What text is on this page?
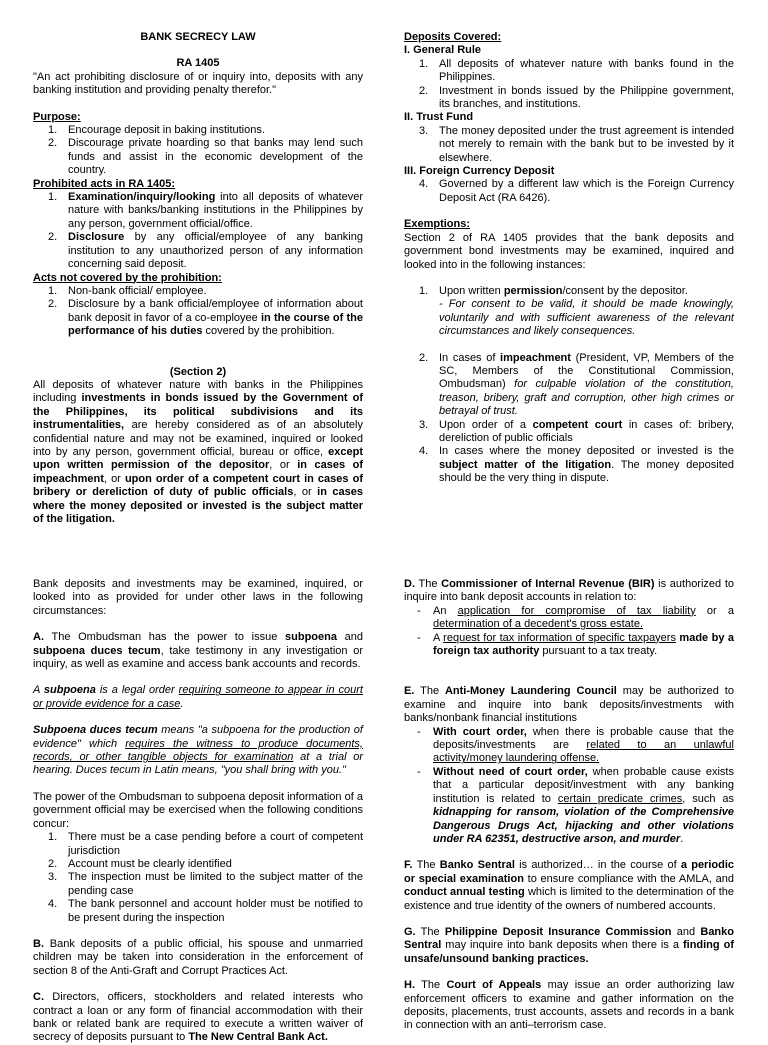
BANK SECRECY LAW
RA 1405
"An act prohibiting disclosure of or inquiry into, deposits with any banking institution and providing penalty therefor."
Purpose:
1. Encourage deposit in baking institutions.
2. Discourage private hoarding so that banks may lend such funds and assist in the economic development of the country.
Prohibited acts in RA 1405:
1. Examination/inquiry/looking into all deposits of whatever nature with banks/banking institutions in the Philippines by any person, government official/office.
2. Disclosure by any official/employee of any banking institution to any unauthorized person of any information concerning said deposit.
Acts not covered by the prohibition:
1. Non-bank official/ employee.
2. Disclosure by a bank official/employee of information about bank deposit in favor of a co-employee in the course of the performance of his duties covered by the prohibition.
(Section 2)
All deposits of whatever nature with banks in the Philippines including investments in bonds issued by the Government of the Philippines, its political subdivisions and its instrumentalities, are hereby considered as of an absolutely confidential nature and may not be examined, inquired or looked into by any person, government official, bureau or office, except upon written permission of the depositor, or in cases of impeachment, or upon order of a competent court in cases of bribery or dereliction of duty of public officials, or in cases where the money deposited or invested is the subject matter of the litigation.
Deposits Covered:
I. General Rule
1. All deposits of whatever nature with banks found in the Philippines.
2. Investment in bonds issued by the Philippine government, its branches, and institutions.
II. Trust Fund
3. The money deposited under the trust agreement is intended not merely to remain with the bank but to be invested by it elsewhere.
III. Foreign Currency Deposit
4. Governed by a different law which is the Foreign Currency Deposit Act (RA 6426).
Exemptions:
Section 2 of RA 1405 provides that the bank deposits and government bond investments may be examined, inquired and looked into in the following instances:
1. Upon written permission/consent by the depositor.
- For consent to be valid, it should be made knowingly, voluntarily and with sufficient awareness of the relevant circumstances and likely consequences.
2. In cases of impeachment (President, VP, Members of the SC, Members of the Constitutional Commission, Ombudsman) for culpable violation of the constitution, treason, bribery, graft and corruption, other high crimes or betrayal of trust.
3. Upon order of a competent court in cases of: bribery, dereliction of public officials
4. In cases where the money deposited or invested is the subject matter of the litigation. The money deposited should be the very thing in dispute.
Bank deposits and investments may be examined, inquired, or looked into as provided for under other laws in the following circumstances:
A. The Ombudsman has the power to issue subpoena and subpoena duces tecum, take testimony in any investigation or inquiry, as well as examine and access bank accounts and records.
A subpoena is a legal order requiring someone to appear in court or provide evidence for a case.
Subpoena duces tecum means "a subpoena for the production of evidence" which requires the witness to produce documents, records, or other tangible objects for examination at a trial or hearing. Duces tecum in Latin means, "you shall bring with you."
The power of the Ombudsman to subpoena deposit information of a government official may be exercised when the following conditions concur:
1. There must be a case pending before a court of competent jurisdiction
2. Account must be clearly identified
3. The inspection must be limited to the subject matter of the pending case
4. The bank personnel and account holder must be notified to be present during the inspection
B. Bank deposits of a public official, his spouse and unmarried children may be taken into consideration in the enforcement of section 8 of the Anti-Graft and Corrupt Practices Act.
C. Directors, officers, stockholders and related interests who contract a loan or any form of financial accommodation with their bank or related bank are required to execute a written waiver of secrecy of deposits pursuant to The New Central Bank Act.
D. The Commissioner of Internal Revenue (BIR) is authorized to inquire into bank deposit accounts in relation to:
-	An application for compromise of tax liability or a determination of a decedent's gross estate.
-	A request for tax information of specific taxpayers made by a foreign tax authority pursuant to a tax treaty.
E. The Anti-Money Laundering Council may be authorized to examine and inquire into bank deposits/investments with banks/nonbank financial institutions
-	With court order, when there is probable cause that the deposits/investments are related to an unlawful activity/money laundering offense.
-	Without need of court order, when probable cause exists that a particular deposit/investment with any banking institution is related to certain predicate crimes, such as kidnapping for ransom, violation of the Comprehensive Dangerous Drugs Act, hijacking and other violations under RA 62351, destructive arson, and murder.
F. The Banko Sentral is authorized… in the course of a periodic or special examination to ensure compliance with the AMLA, and conduct annual testing which is limited to the determination of the existence and true identity of the owners of numbered accounts.
G. The Philippine Deposit Insurance Commission and Banko Sentral may inquire into bank deposits when there is a finding of unsafe/unsound banking practices.
H. The Court of Appeals may issue an order authorizing law enforcement officers to examine and gather information on the deposits, placements, trust accounts, assets and records in a bank in connection with an anti–terrorism case.
